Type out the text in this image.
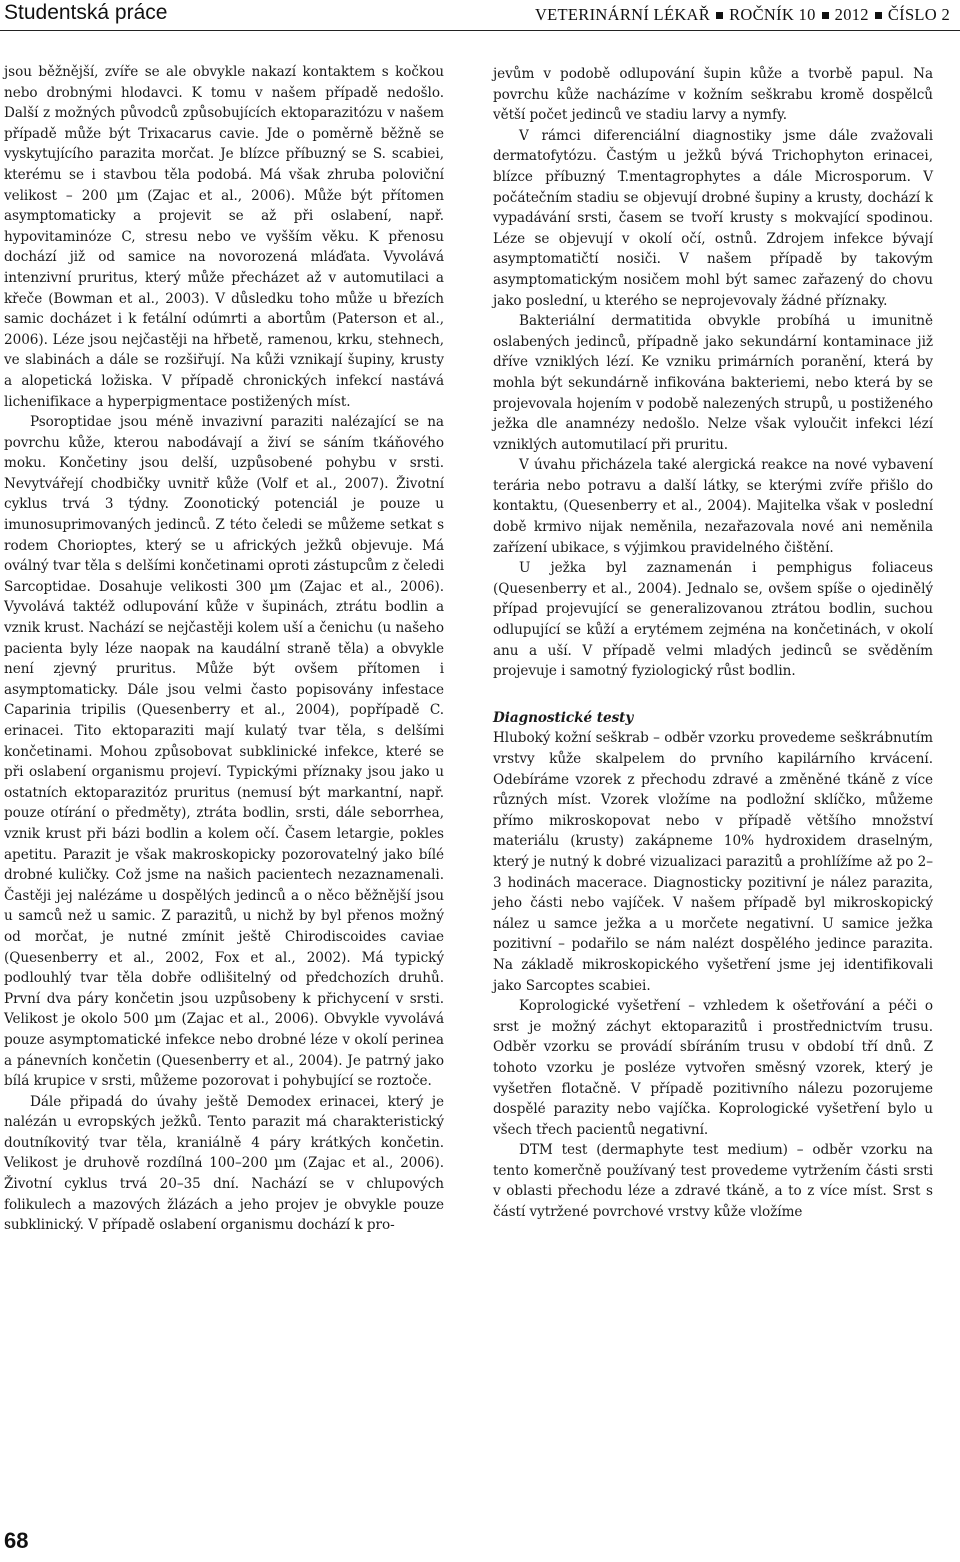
Studentská práce	VETERINÁRNÍ LÉKAŘ ROČNÍK 10 2012 ČÍSLO 2

jsou běžnější, zvíře se ale obvykle nakazí kontaktem s kočkou nebo drobnými hlodavci. K tomu v našem případě nedošlo. Další z možných původců způsobujících ektoparazitózu v našem případě může být Trixacarus cavie. Jde o poměrně běžně se vyskytujícího parazita morčat. Je blízce příbuzný se S. scabiei, kterému se i stavbou těla podobá. Má však zhruba poloviční velikost – 200 µm (Zajac et al., 2006). Může být přítomen asymptomaticky a projevit se až při oslabení, např. hypovitaminóze C, stresu nebo ve vyšším věku. K přenosu dochází již od samice na novorozená mláďata. Vyvolává intenzivní pruritus, který může přecházet až v automutilaci a křeče (Bowman et al., 2003). V důsledku toho může u březích samic docházet i k fetální odúmrti a abortům (Paterson et al., 2006). Léze jsou nejčastěji na hřbetě, ramenou, krku, stehnech, ve slabinách a dále se rozšiřují. Na kůži vznikají šupiny, krusty a alopetická ložiska. V případě chronických infekcí nastává lichenifikace a hyperpigmentace postižených míst.

Psoroptidae jsou méně invazivní paraziti nalézající se na povrchu kůže, kterou nabodávají a živí se sáním tkáňového moku. Končetiny jsou delší, uzpůsobené pohybu v srsti. Nevytvářejí chodbičky uvnitř kůže (Volf et al., 2007). Životní cyklus trvá 3 týdny. Zoonotický potenciál je pouze u imunosuprimovaných jedinců. Z této čeledi se můžeme setkat s rodem Chorioptes, který se u afrických ježků objevuje. Má oválný tvar těla s delšími končetinami oproti zástupcům z čeledi Sarcoptidae. Dosahuje velikosti 300 µm (Zajac et al., 2006). Vyvolává taktéž odlupování kůže v šupinách, ztrátu bodlin a vznik krust. Nachází se nejčastěji kolem uší a čenichu (u našeho pacienta byly léze naopak na kaudální straně těla) a obvykle není zjevný pruritus. Může být ovšem přítomen i asymptomaticky. Dále jsou velmi často popisovány infestace Caparinia tripilis (Quesenberry et al., 2004), popřípadě C. erinacei. Tito ektoparaziti mají kulatý tvar těla, s delšími končetinami. Mohou způsobovat subklinické infekce, které se při oslabení organismu projeví. Typickými příznaky jsou jako u ostatních ektoparazitóz pruritus (nemusí být markantní, např. pouze otírání o předměty), ztráta bodlin, srsti, dále seborrhea, vznik krust při bázi bodlin a kolem očí. Časem letargie, pokles apetitu. Parazit je však makroskopicky pozorovatelný jako bílé drobné kuličky. Což jsme na našich pacientech nezaznamenali. Častěji jej nalézáme u dospělých jedinců a o něco běžnější jsou u samců než u samic. Z parazitů, u nichž by byl přenos možný od morčat, je nutné zmínit ještě Chirodiscoides caviae (Quesenberry et al., 2002, Fox et al., 2002). Má typický podlouhlý tvar těla dobře odlišitelný od předchozích druhů. První dva páry končetin jsou uzpůsobeny k přichycení v srsti. Velikost je okolo 500 µm (Zajac et al., 2006). Obvykle vyvolává pouze asymptomatické infekce nebo drobné léze v okolí perinea a pánevních končetin (Quesenberry et al., 2004). Je patrný jako bílá krupice v srsti, můžeme pozorovat i pohybující se roztoče.

Dále připadá do úvahy ještě Demodex erinacei, který je nalézán u evropských ježků. Tento parazit má charakteristický doutníkovitý tvar těla, kraniálně 4 páry krátkých končetin. Velikost je druhově rozdílná 100–200 µm (Zajac et al., 2006). Životní cyklus trvá 20–35 dní. Nachází se v chlupových folikulech a mazových žlázách a jeho projev je obvykle pouze subklinický. V případě oslabení organismu dochází k pro-

jevům v podobě odlupování šupin kůže a tvorbě papul. Na povrchu kůže nacházíme v kožním seškrabu kromě dospělců větší počet jedinců ve stadiu larvy a nymfy.

V rámci diferenciální diagnostiky jsme dále zvažovali dermatofytózu. Častým u ježků bývá Trichophyton erinacei, blízce příbuzný T.mentagrophytes a dále Microsporum. V počátečním stadiu se objevují drobné šupiny a krusty, dochází k vypadávání srsti, časem se tvoří krusty s mokvající spodinou. Léze se objevují v okolí očí, ostnů. Zdrojem infekce bývají asymptomatičtí nosiči. V našem případě by takovým asymptomatickým nosičem mohl být samec zařazený do chovu jako poslední, u kterého se neprojevovaly žádné příznaky.

Bakteriální dermatitida obvykle probíhá u imunitně oslabených jedinců, případně jako sekundární kontaminace již dříve vzniklých lézí. Ke vzniku primárních poranění, která by mohla být sekundárně infikována bakteriemi, nebo která by se projevovala hojením v podobě nalezených strupů, u postiženého ježka dle anamnézy nedošlo. Nelze však vyloučit infekci lézí vzniklých automutilací při pruritu.

V úvahu přicházela také alergická reakce na nové vybavení terária nebo potravu a další látky, se kterými zvíře přišlo do kontaktu, (Quesenberry et al., 2004). Majitelka však v poslední době krmivo nijak neměnila, nezařazovala nové ani neměnila zařízení ubikace, s výjimkou pravidelného čištění.

U ježka byl zaznamenán i pemphigus foliaceus (Quesenberry et al., 2004). Jednalo se, ovšem spíše o ojedinělý případ projevující se generalizovanou ztrátou bodlin, suchou odlupující se kůží a erytémem zejména na končetinách, v okolí anu a uší. V případě velmi mladých jedinců se svěděním projevuje i samotný fyziologický růst bodlin.

Diagnostické testy

Hluboký kožní seškrab – odběr vzorku provedeme seškrábnutím vrstvy kůže skalpelem do prvního kapilárního krvácení. Odebíráme vzorek z přechodu zdravé a změněné tkáně z více různých míst. Vzorek vložíme na podložní sklíčko, můžeme přímo mikroskopovat nebo v případě většího množství materiálu (krusty) zakápneme 10% hydroxidem draselným, který je nutný k dobré vizualizaci parazitů a prohlížíme až po 2–3 hodinách macerace. Diagnosticky pozitivní je nález parazita, jeho části nebo vajíček. V našem případě byl mikroskopický nález u samce ježka a u morčete negativní. U samice ježka pozitivní – podařilo se nám nalézt dospělého jedince parazita. Na základě mikroskopického vyšetření jsme jej identifikovali jako Sarcoptes scabiei.

Koprologické vyšetření – vzhledem k ošetřování a péči o srst je možný záchyt ektoparazitů i prostřednictvím trusu. Odběr vzorku se provádí sbíráním trusu v období tří dnů. Z tohoto vzorku je posléze vytvořen směsný vzorek, který je vyšetřen flotačně. V případě pozitivního nálezu pozorujeme dospělé parazity nebo vajíčka. Koprologické vyšetření bylo u všech třech pacientů negativní.

DTM test (dermaphyte test medium) – odběr vzorku na tento komerčně používaný test provedeme vytržením části srsti v oblasti přechodu léze a zdravé tkáně, a to z více míst. Srst s částí vytržené povrchové vrstvy kůže vložíme

68
